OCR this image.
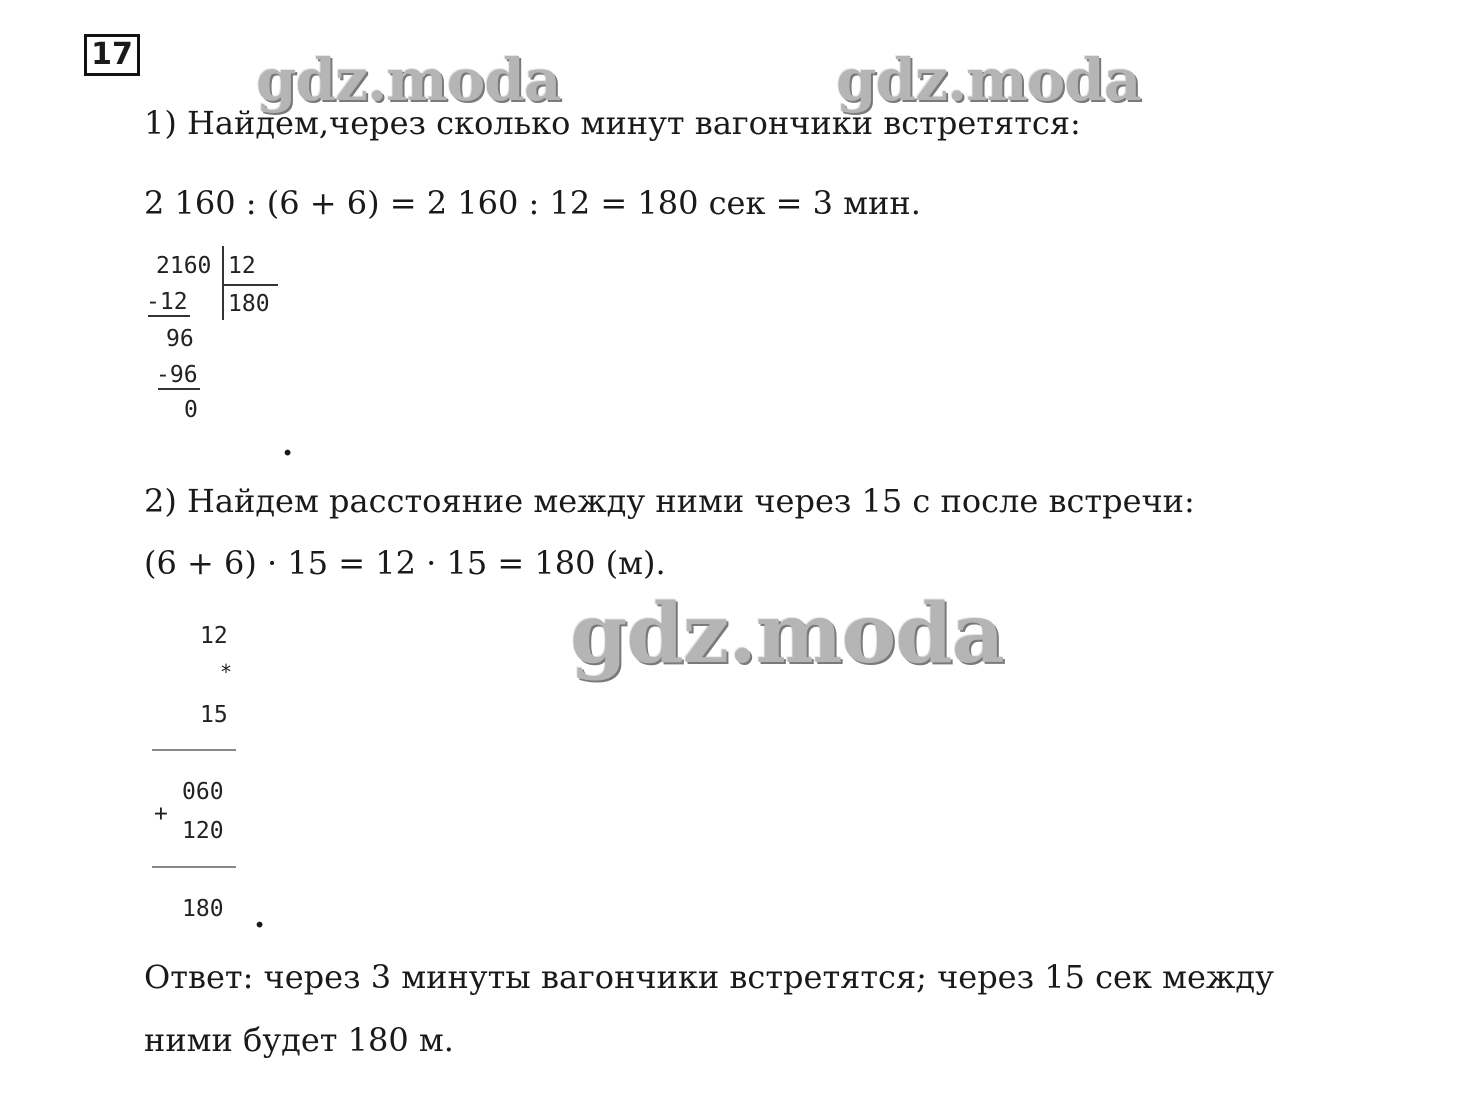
17 gdz.moda	gdz.moda
1) Найдем,через сколько минут вагончики встретятся:
2 160 : (6 + 6) = 2 160 : 12 = 180 сек = 3 мин.
2160 12
-12 180
96
-96
0
.
2) Найдем расстояние между ними через 15 с после встречи:
(6 + 6) · 15 = 12 · 15 = 180 (м).
gdz.moda
12
*
15
060
+
120
180 .
Ответ: через 3 минуты вагончики встретятся; через 15 сек между
ними будет 180 м.
